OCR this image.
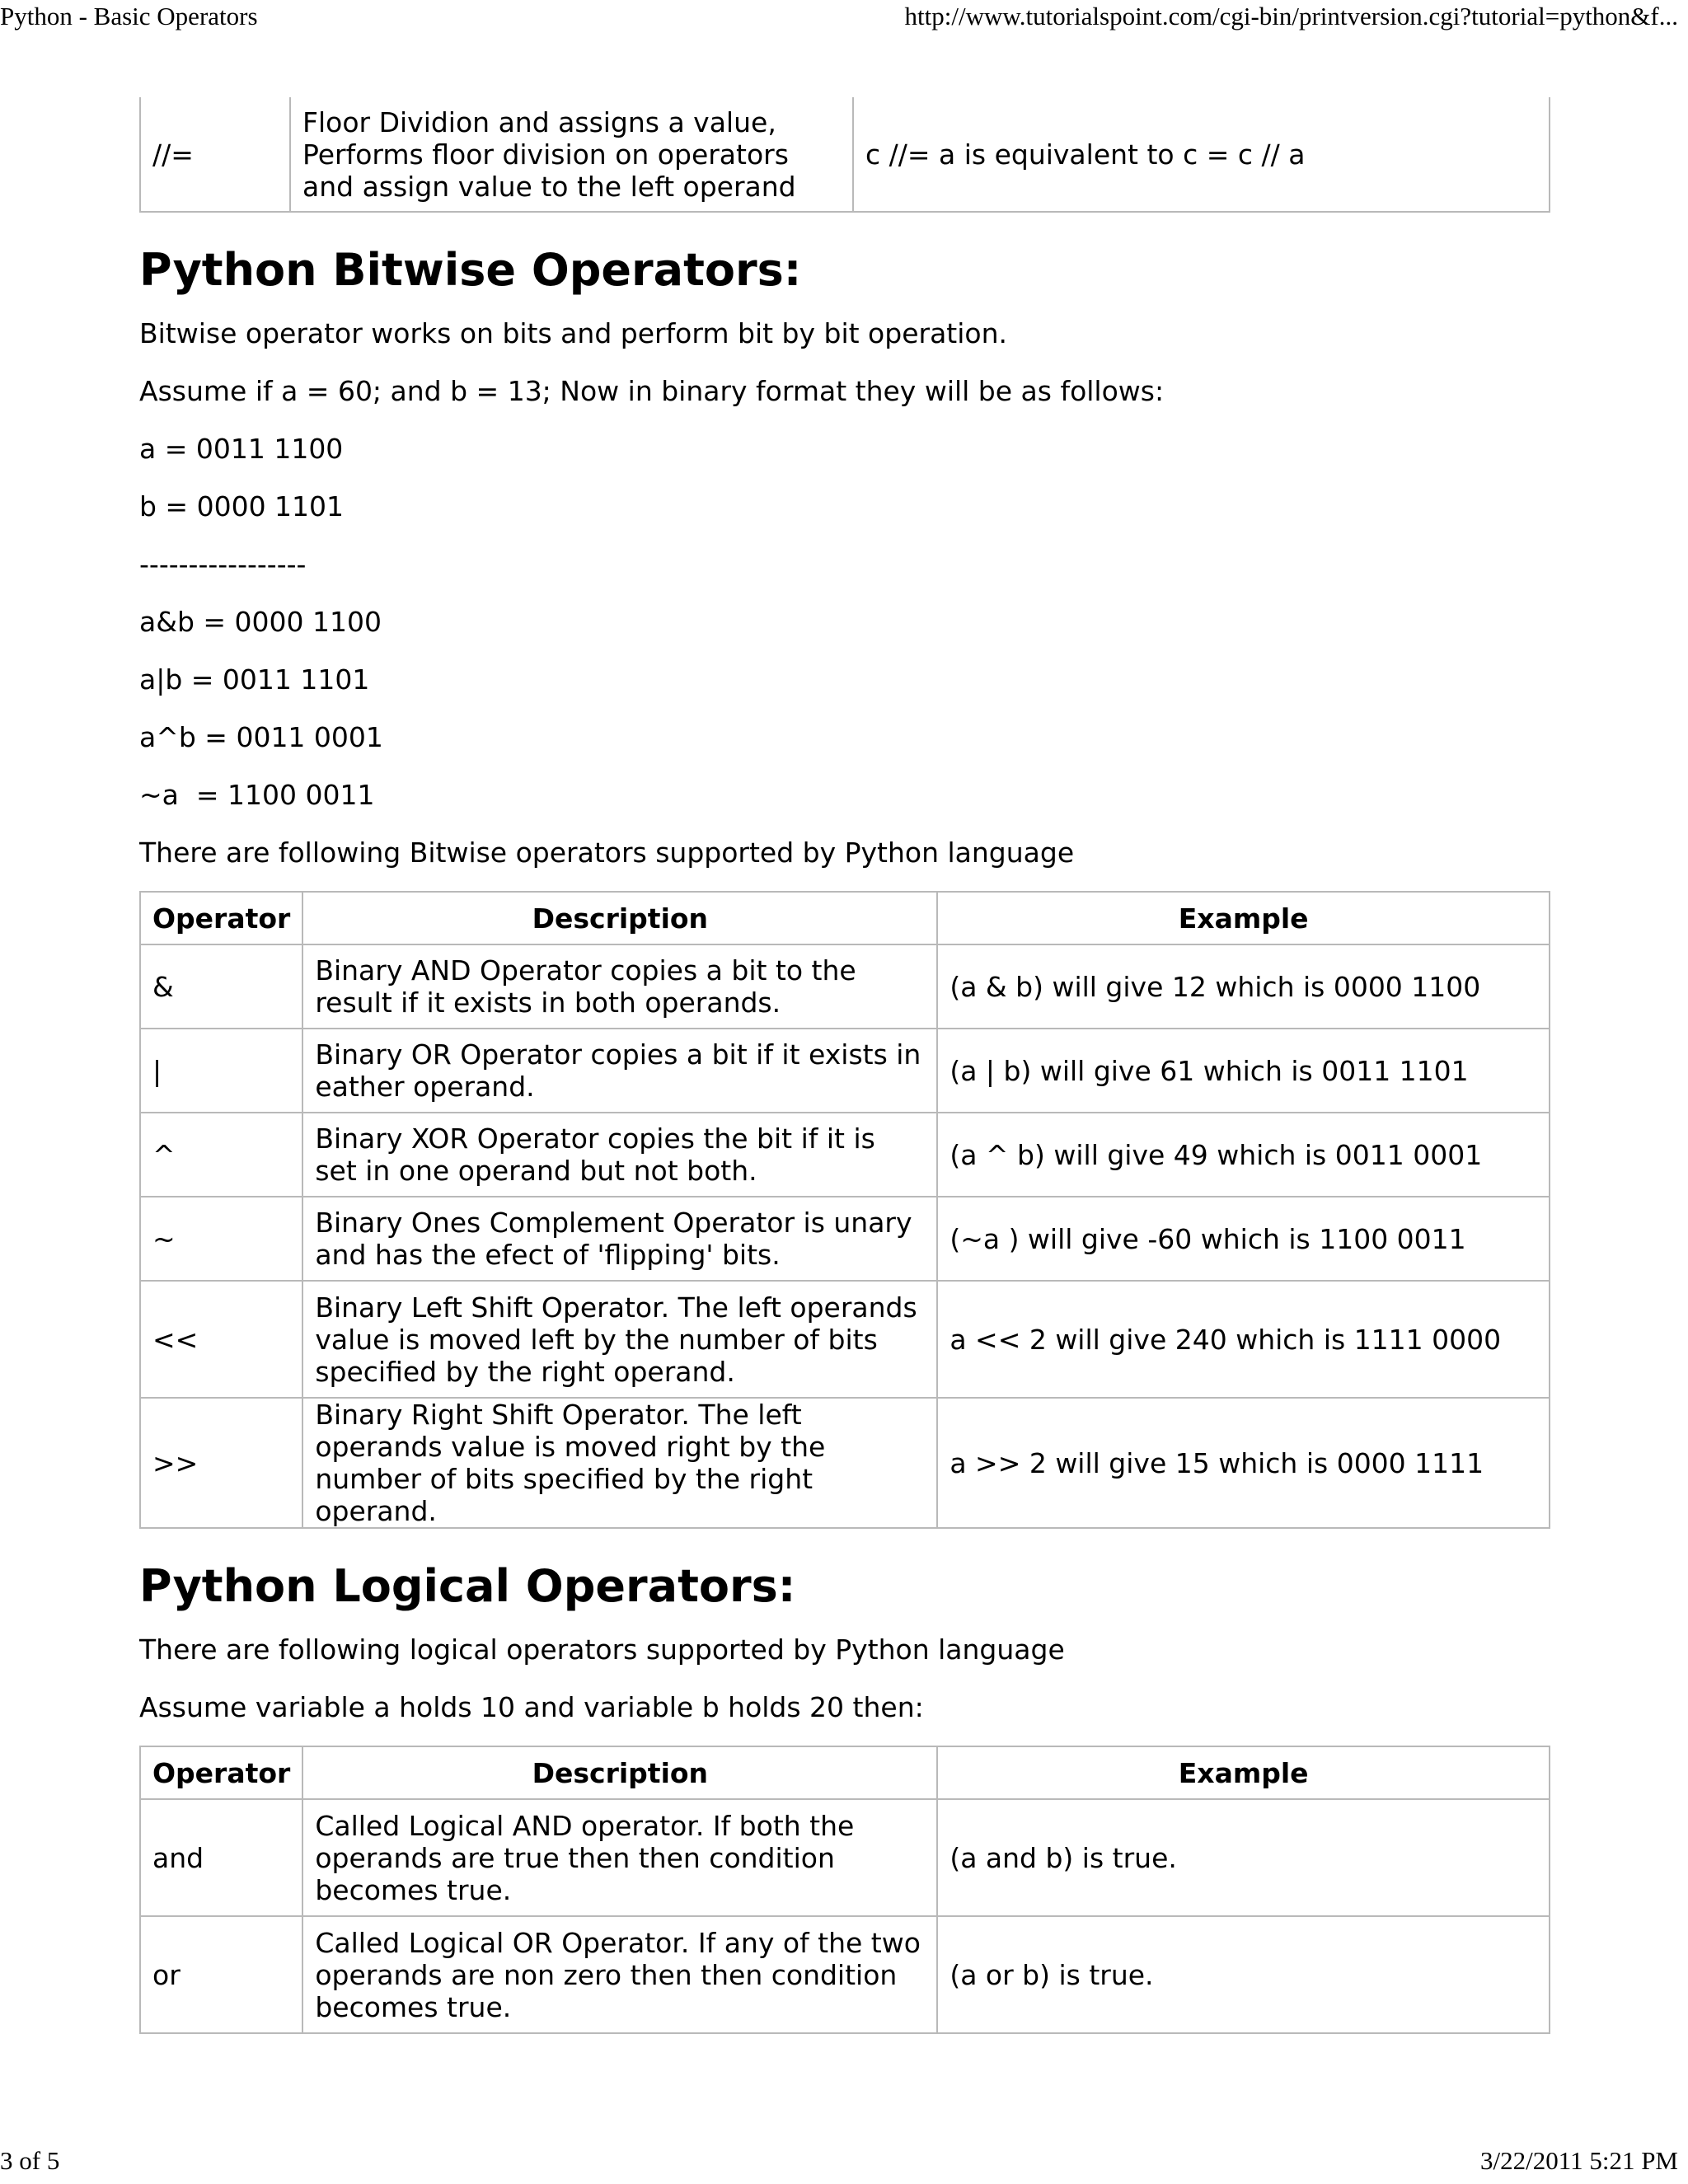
Python - Basic Operators	http://www.tutorialspoint.com/cgi-bin/printversion.cgi?tutorial=python&f...
//=	Floor Dividion and assigns a value, Performs floor division on operators and assign value to the left operand	c //= a is equivalent to c = c // a
Python Bitwise Operators:

Bitwise operator works on bits and perform bit by bit operation.

Assume if a = 60; and b = 13; Now in binary format they will be as follows:

a = 0011 1100

b = 0000 1101

-----------------

a&b = 0000 1100

a|b = 0011 1101

a^b = 0011 0001

~a  = 1100 0011

There are following Bitwise operators supported by Python language

Operator	Description	Example
&	Binary AND Operator copies a bit to the result if it exists in both operands.	(a & b) will give 12 which is 0000 1100
|	Binary OR Operator copies a bit if it exists in eather operand.	(a | b) will give 61 which is 0011 1101
^	Binary XOR Operator copies the bit if it is set in one operand but not both.	(a ^ b) will give 49 which is 0011 0001
~	Binary Ones Complement Operator is unary and has the efect of 'flipping' bits.	(~a ) will give -60 which is 1100 0011
<<	Binary Left Shift Operator. The left operands value is moved left by the number of bits specified by the right operand.	a << 2 will give 240 which is 1111 0000
>>	Binary Right Shift Operator. The left operands value is moved right by the number of bits specified by the right operand.	a >> 2 will give 15 which is 0000 1111
Python Logical Operators:

There are following logical operators supported by Python language

Assume variable a holds 10 and variable b holds 20 then:

Operator	Description	Example
and	Called Logical AND operator. If both the operands are true then then condition becomes true.	(a and b) is true.
or	Called Logical OR Operator. If any of the two operands are non zero then then condition becomes true.	(a or b) is true.
3 of 5	3/22/2011 5:21 PM
